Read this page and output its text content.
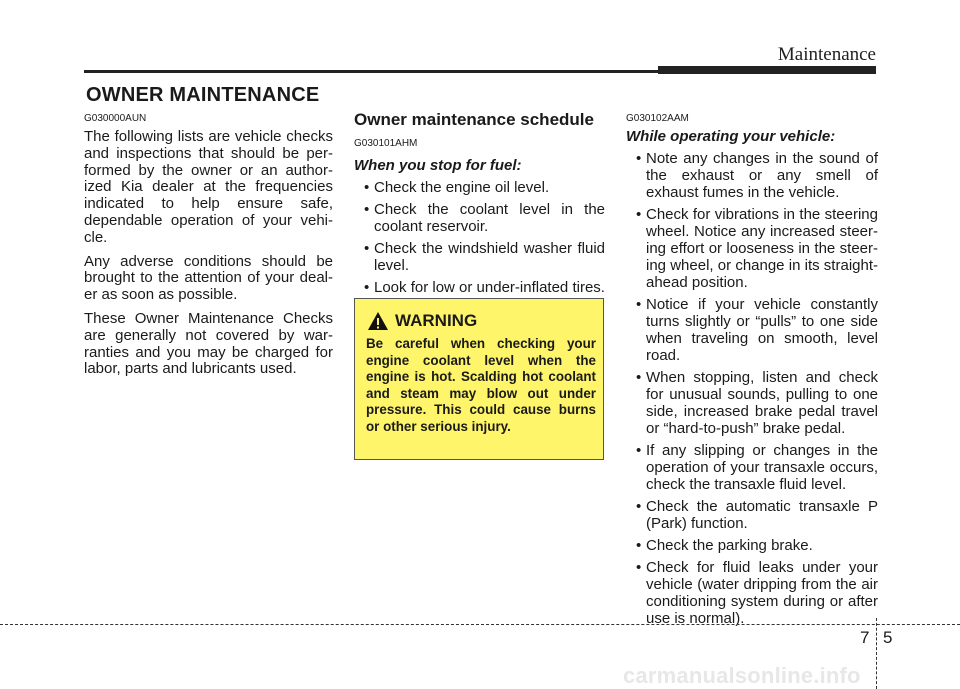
Maintenance
OWNER MAINTENANCE

G030000AUN

The following lists are vehicle checks and inspections that should be per-formed by the owner or an author-ized Kia dealer at the frequencies indicated to help ensure safe, dependable operation of your vehi-cle.

Any adverse conditions should be brought to the attention of your deal-er as soon as possible.

These Owner Maintenance Checks are generally not covered by war-ranties and you may be charged for labor, parts and lubricants used.

Owner maintenance schedule

G030101AHM

When you stop for fuel:

• Check the engine oil level.
• Check the coolant level in the coolant reservoir.
• Check the windshield washer fluid level.
• Look for low or under-inflated tires.
WARNING
Be careful when checking your engine coolant level when the engine is hot. Scalding hot coolant and steam may blow out under pressure. This could cause burns or other serious injury.

G030102AAM

While operating your vehicle:

• Note any changes in the sound of the exhaust or any smell of exhaust fumes in the vehicle.
• Check for vibrations in the steering wheel. Notice any increased steer-ing effort or looseness in the steer-ing wheel, or change in its straight-ahead position.
• Notice if your vehicle constantly turns slightly or “pulls” to one side when traveling on smooth, level road.
• When stopping, listen and check for unusual sounds, pulling to one side, increased brake pedal travel or “hard-to-push” brake pedal.
• If any slipping or changes in the operation of your transaxle occurs, check the transaxle fluid level.
• Check the automatic transaxle P (Park) function.
• Check the parking brake.
• Check for fluid leaks under your vehicle (water dripping from the air conditioning system during or after use is normal).
7 5
carmanualsonline.info
